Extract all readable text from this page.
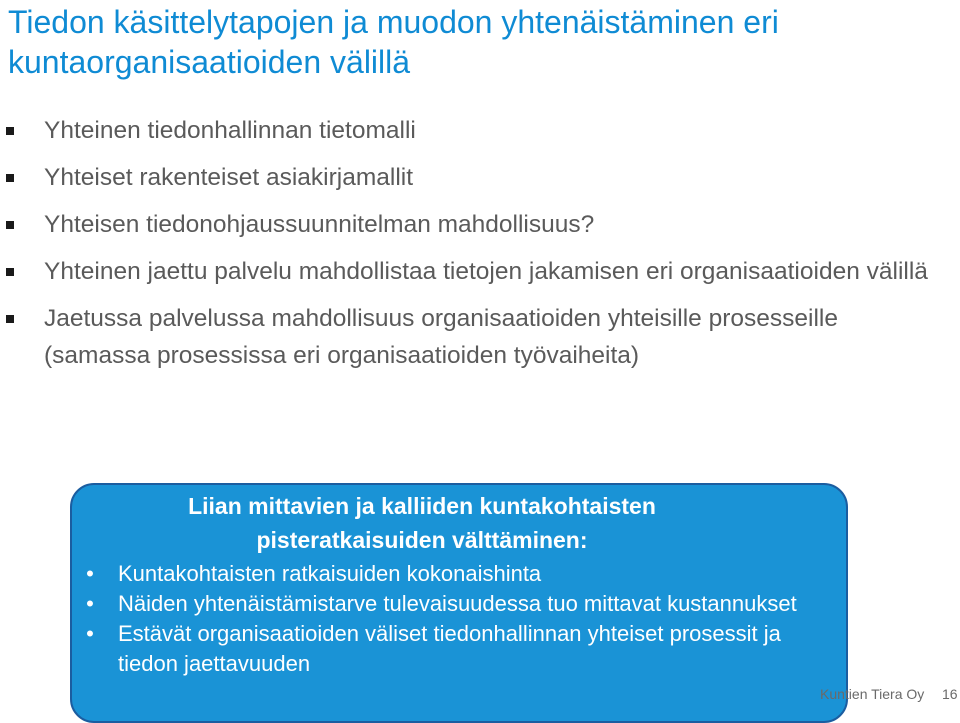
Tiedon käsittelytapojen ja muodon yhtenäistäminen eri kuntaorganisaatioiden välillä
Yhteinen tiedonhallinnan tietomalli
Yhteiset rakenteiset asiakirjamallit
Yhteisen tiedonohjaussuunnitelman mahdollisuus?
Yhteinen jaettu palvelu mahdollistaa tietojen jakamisen eri organisaatioiden välillä
Jaetussa palvelussa mahdollisuus organisaatioiden yhteisille prosesseille (samassa prosessissa eri organisaatioiden työvaiheita)
Liian mittavien ja kalliiden kuntakohtaisten
pisteratkaisuiden välttäminen:
• Kuntakohtaisten ratkaisuiden kokonaishinta
• Näiden yhtenäistämistarve tulevaisuudessa tuo mittavat kustannukset
• Estävät organisaatioiden väliset tiedonhallinnan yhteiset prosessit ja tiedon jaettavuuden
Kuntien Tiera Oy 16
